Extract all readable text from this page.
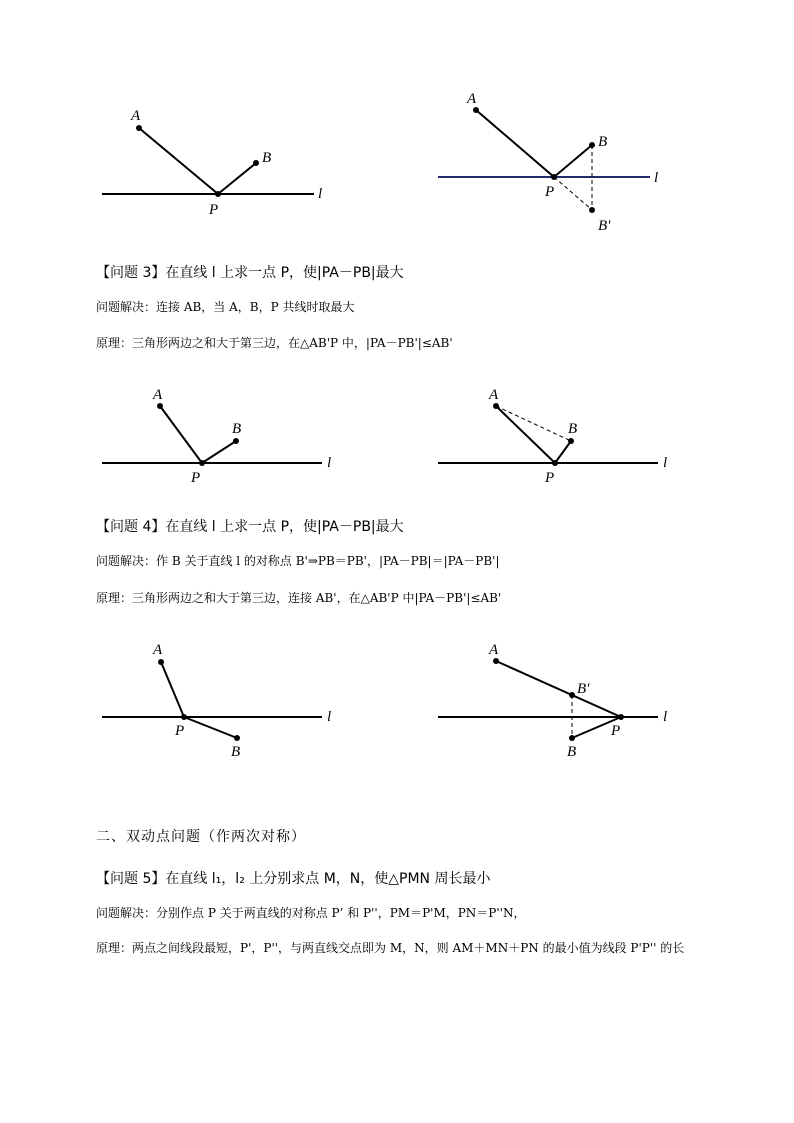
A
B
P
l
A
B
P
B'
l
A
B
P
l
A
B
P
l
A
B
P
l
A
B'
B
P
l
【问题 3】在直线 l 上求一点 P，使|PA－PB|最大
问题解决：连接 AB，当 A，B，P 共线时取最大
原理：三角形两边之和大于第三边，在△AB'P 中，|PA－PB'|≤AB'
【问题 4】在直线 l 上求一点 P，使|PA－PB|最大
问题解决：作 B 关于直线 l 的对称点 B'⇒PB＝PB'，|PA－PB|＝|PA－PB'|
原理：三角形两边之和大于第三边，连接 AB'，在△AB'P 中|PA－PB'|≤AB'
二、双动点问题（作两次对称）
【问题 5】在直线 l₁，l₂ 上分别求点 M，N，使△PMN 周长最小
问题解决：分别作点 P 关于两直线的对称点 P’ 和 P''，PM＝P'M，PN＝P''N，
原理：两点之间线段最短，P'，P''，与两直线交点即为 M，N，则 AM＋MN＋PN 的最小值为线段 P'P'' 的长
